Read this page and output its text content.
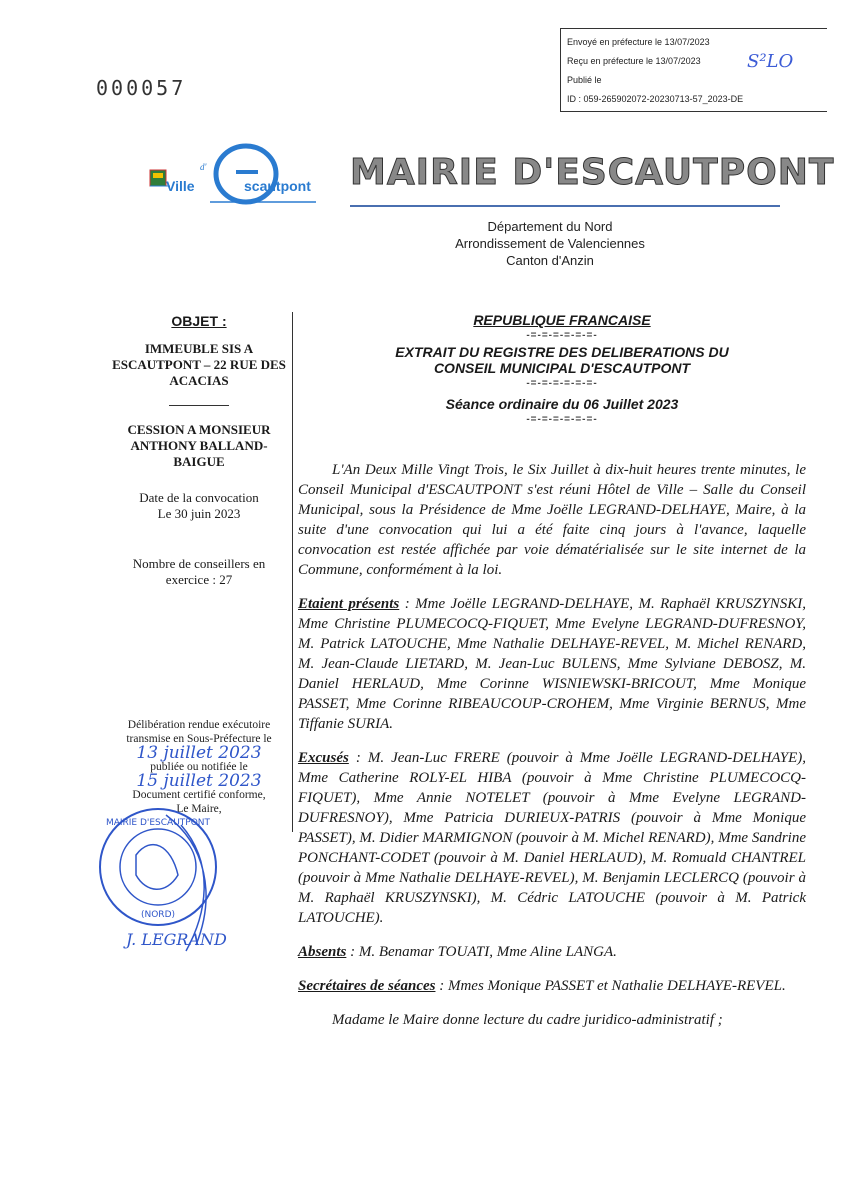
Envoyé en préfecture le 13/07/2023
Reçu en préfecture le 13/07/2023
Publié le
ID : 059-265902072-20230713-57_2023-DE
S²LO
000057
Ville
d'
scautpont MAIRIE D'ESCAUTPONT
Département du Nord
Arrondissement de Valenciennes
Canton d'Anzin
OBJET :
IMMEUBLE SIS A ESCAUTPONT – 22 RUE DES ACACIAS
CESSION A MONSIEUR ANTHONY BALLAND-BAIGUE
Date de la convocation
Le 30 juin 2023
Nombre de conseillers en exercice : 27
Délibération rendue exécutoire
transmise en Sous-Préfecture le
13 juillet 2023
publiée ou notifiée le
15 juillet 2023
Document certifié conforme,
Le Maire,
MAIRIE D'ESCAUTPONT
(NORD)
J. LEGRAND
REPUBLIQUE FRANCAISE
-=-=-=-=-=-=-
EXTRAIT DU REGISTRE DES DELIBERATIONS DU
CONSEIL MUNICIPAL D'ESCAUTPONT
-=-=-=-=-=-=-
Séance ordinaire du 06 Juillet 2023
-=-=-=-=-=-=-

L'An Deux Mille Vingt Trois, le Six Juillet à dix-huit heures trente minutes, le Conseil Municipal d'ESCAUTPONT s'est réuni Hôtel de Ville – Salle du Conseil Municipal, sous la Présidence de Mme Joëlle LEGRAND-DELHAYE, Maire, à la suite d'une convocation qui lui a été faite cinq jours à l'avance, laquelle convocation est restée affichée par voie dématérialisée sur le site internet de la Commune, conformément à la loi.

Etaient présents : Mme Joëlle LEGRAND-DELHAYE, M. Raphaël KRUSZYNSKI, Mme Christine PLUMECOCQ-FIQUET, Mme Evelyne LEGRAND-DUFRESNOY, M. Patrick LATOUCHE, Mme Nathalie DELHAYE-REVEL, M. Michel RENARD, M. Jean-Claude LIETARD, M. Jean-Luc BULENS, Mme Sylviane DEBOSZ, M. Daniel HERLAUD, Mme Corinne WISNIEWSKI-BRICOUT, Mme Monique PASSET, Mme Corinne RIBEAUCOUP-CROHEM, Mme Virginie BERNUS, Mme Tiffanie SURIA.

Excusés : M. Jean-Luc FRERE (pouvoir à Mme Joëlle LEGRAND-DELHAYE), Mme Catherine ROLY-EL HIBA (pouvoir à Mme Christine PLUMECOCQ-FIQUET), Mme Annie NOTELET (pouvoir à Mme Evelyne LEGRAND-DUFRESNOY), Mme Patricia DURIEUX-PATRIS (pouvoir à Mme Monique PASSET), M. Didier MARMIGNON (pouvoir à M. Michel RENARD), Mme Sandrine PONCHANT-CODET (pouvoir à M. Daniel HERLAUD), M. Romuald CHANTREL (pouvoir à Mme Nathalie DELHAYE-REVEL), M. Benjamin LECLERCQ (pouvoir à M. Raphaël KRUSZYNSKI), M. Cédric LATOUCHE (pouvoir à M. Patrick LATOUCHE).

Absents : M. Benamar TOUATI, Mme Aline LANGA.

Secrétaires de séances : Mmes Monique PASSET et Nathalie DELHAYE-REVEL.

Madame le Maire donne lecture du cadre juridico-administratif ;
